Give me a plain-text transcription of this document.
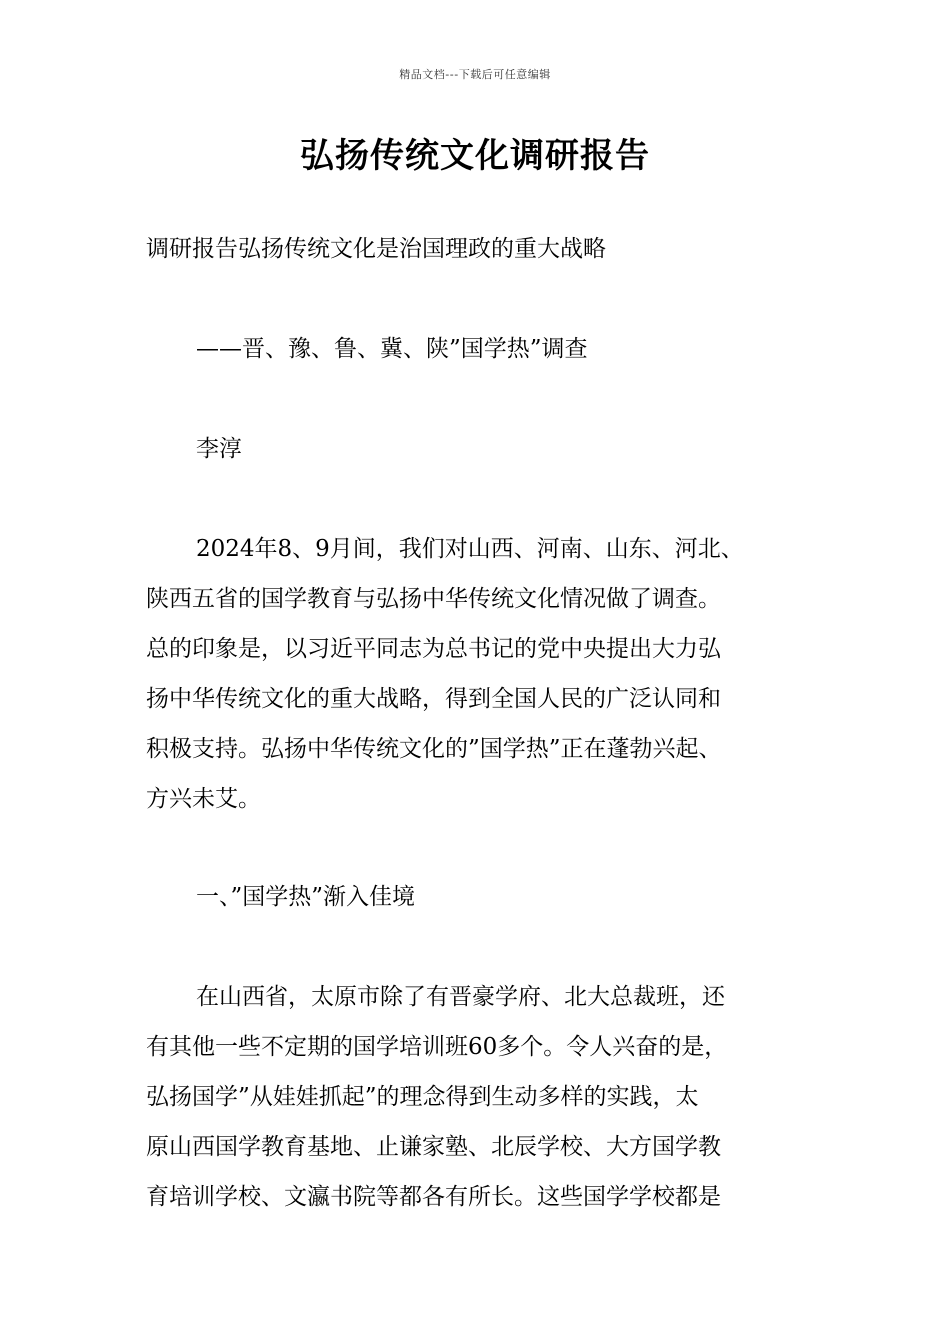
精品文档---下载后可任意编辑
弘扬传统文化调研报告
调研报告弘扬传统文化是治国理政的重大战略
——晋、豫、鲁、冀、陕”国学热”调查
李淳
2024年8、9月间，我们对山西、河南、山东、河北、
陕西五省的国学教育与弘扬中华传统文化情况做了调查。
总的印象是，以习近平同志为总书记的党中央提出大力弘
扬中华传统文化的重大战略，得到全国人民的广泛认同和
积极支持。弘扬中华传统文化的”国学热”正在蓬勃兴起、
方兴未艾。
一、”国学热”渐入佳境
在山西省，太原市除了有晋豪学府、北大总裁班，还
有其他一些不定期的国学培训班60多个。令人兴奋的是，
弘扬国学”从娃娃抓起”的理念得到生动多样的实践，太
原山西国学教育基地、止谦家塾、北辰学校、大方国学教
育培训学校、文瀛书院等都各有所长。这些国学学校都是
